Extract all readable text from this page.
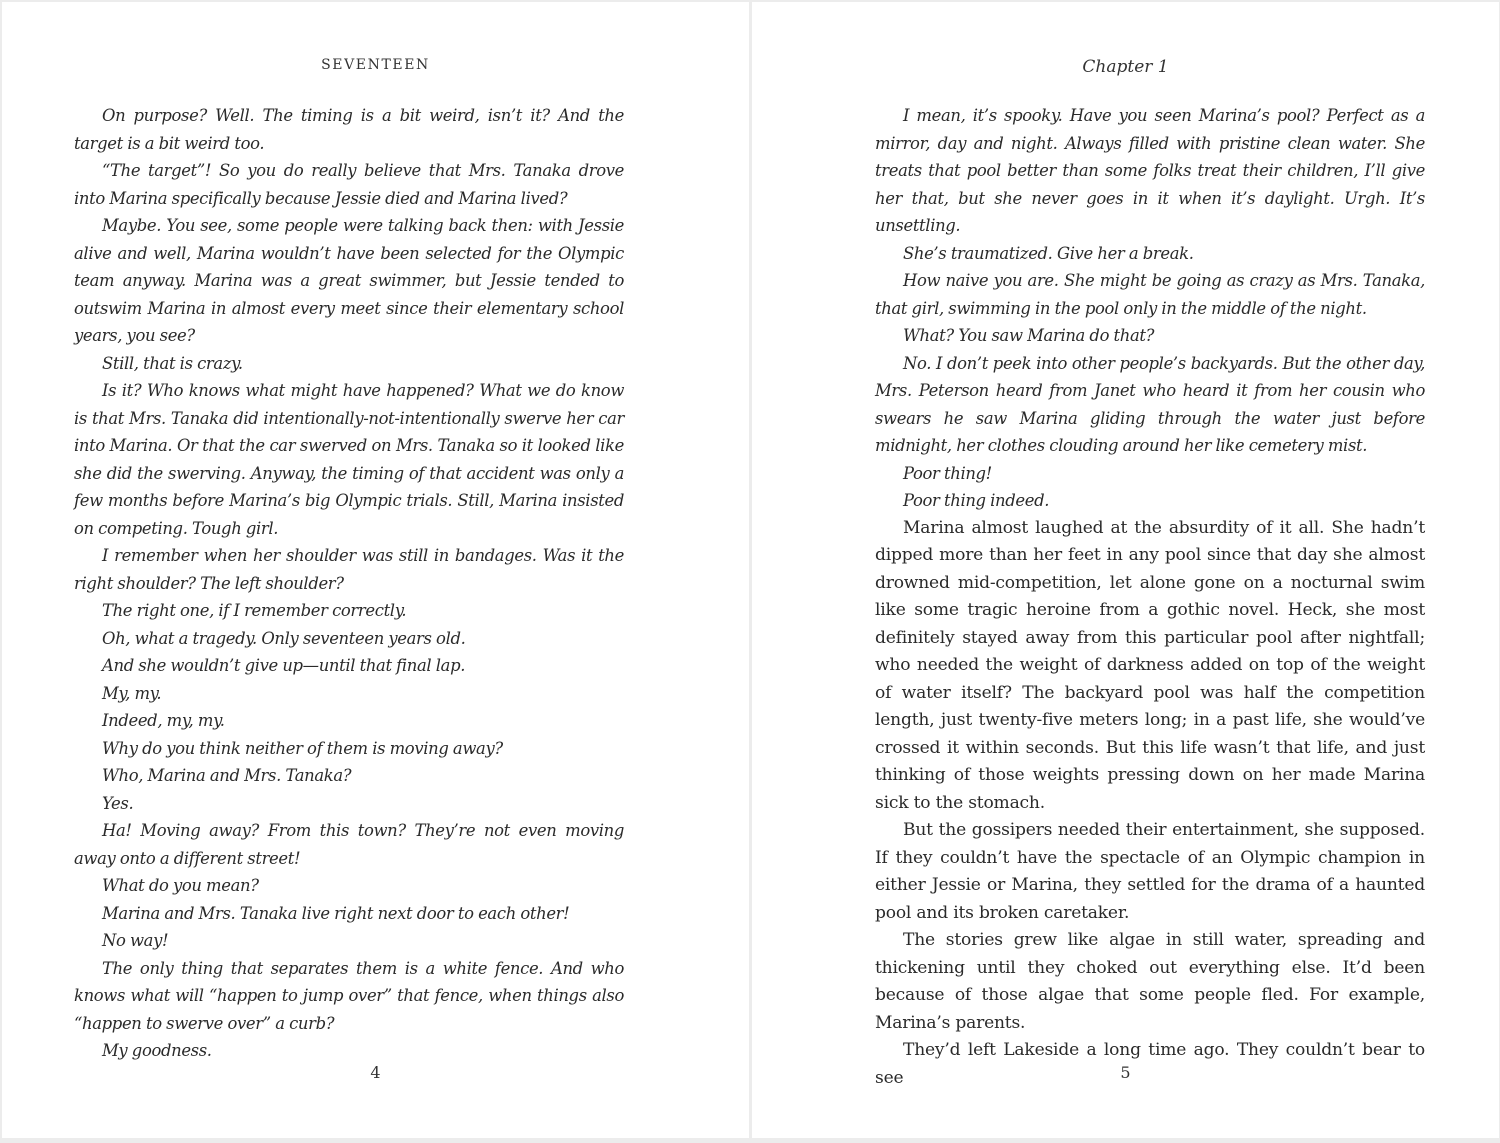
SEVENTEEN

On purpose? Well. The timing is a bit weird, isn’t it? And the target is a bit weird too.

“The target”! So you do really believe that Mrs. Tanaka drove into Marina specifically because Jessie died and Marina lived?

Maybe. You see, some people were talking back then: with Jessie alive and well, Marina wouldn’t have been selected for the Olympic team anyway. Marina was a great swimmer, but Jessie tended to outswim Marina in almost every meet since their elementary school years, you see?

Still, that is crazy.

Is it? Who knows what might have happened? What we do know is that Mrs. Tanaka did intentionally-not-intentionally swerve her car into Marina. Or that the car swerved on Mrs. Tanaka so it looked like she did the swerving. Anyway, the timing of that accident was only a few months before Marina’s big Olympic trials. Still, Marina insisted on competing. Tough girl.

I remember when her shoulder was still in bandages. Was it the right shoulder? The left shoulder?

The right one, if I remember correctly.

Oh, what a tragedy. Only seventeen years old.

And she wouldn’t give up—until that final lap.

My, my.

Indeed, my, my.

Why do you think neither of them is moving away?

Who, Marina and Mrs. Tanaka?

Yes.

Ha! Moving away? From this town? They’re not even moving away onto a different street!

What do you mean?

Marina and Mrs. Tanaka live right next door to each other!

No way!

The only thing that separates them is a white fence. And who knows what will “happen to jump over” that fence, when things also “happen to swerve over” a curb?

My goodness.

4
Chapter 1

I mean, it’s spooky. Have you seen Marina’s pool? Perfect as a mirror, day and night. Always filled with pristine clean water. She treats that pool better than some folks treat their children, I’ll give her that, but she never goes in it when it’s daylight. Urgh. It’s unsettling.

She’s traumatized. Give her a break.

How naive you are. She might be going as crazy as Mrs. Tanaka, that girl, swimming in the pool only in the middle of the night.

What? You saw Marina do that?

No. I don’t peek into other people’s backyards. But the other day, Mrs. Peterson heard from Janet who heard it from her cousin who swears he saw Marina gliding through the water just before midnight, her clothes clouding around her like cemetery mist.

Poor thing!

Poor thing indeed.

Marina almost laughed at the absurdity of it all. She hadn’t dipped more than her feet in any pool since that day she almost drowned mid-competition, let alone gone on a nocturnal swim like some tragic heroine from a gothic novel. Heck, she most definitely stayed away from this particular pool after nightfall; who needed the weight of darkness added on top of the weight of water itself? The backyard pool was half the competition length, just twenty-five meters long; in a past life, she would’ve crossed it within seconds. But this life wasn’t that life, and just thinking of those weights pressing down on her made Marina sick to the stomach.

But the gossipers needed their entertainment, she supposed. If they couldn’t have the spectacle of an Olympic champion in either Jessie or Marina, they settled for the drama of a haunted pool and its broken caretaker.

The stories grew like algae in still water, spreading and thickening until they choked out everything else. It’d been because of those algae that some people fled. For example, Marina’s parents.

They’d left Lakeside a long time ago. They couldn’t bear to see	5
